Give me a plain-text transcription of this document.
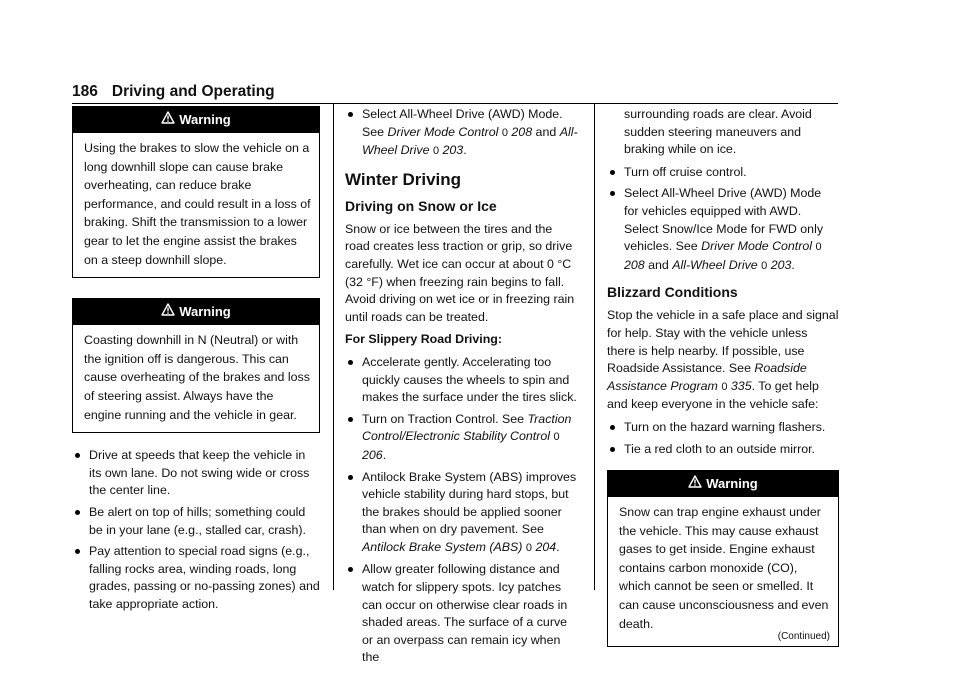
186 Driving and Operating
Warning
Using the brakes to slow the vehicle on a long downhill slope can cause brake overheating, can reduce brake performance, and could result in a loss of braking. Shift the transmission to a lower gear to let the engine assist the brakes on a steep downhill slope.
Warning
Coasting downhill in N (Neutral) or with the ignition off is dangerous. This can cause overheating of the brakes and loss of steering assist. Always have the engine running and the vehicle in gear.
Drive at speeds that keep the vehicle in its own lane. Do not swing wide or cross the center line.
Be alert on top of hills; something could be in your lane (e.g., stalled car, crash).
Pay attention to special road signs (e.g., falling rocks area, winding roads, long grades, passing or no-passing zones) and take appropriate action.
Select All-Wheel Drive (AWD) Mode. See Driver Mode Control 0 208 and All-Wheel Drive 0 203.
Winter Driving
Driving on Snow or Ice

Snow or ice between the tires and the road creates less traction or grip, so drive carefully. Wet ice can occur at about 0 °C (32 °F) when freezing rain begins to fall. Avoid driving on wet ice or in freezing rain until roads can be treated.

For Slippery Road Driving:
Accelerate gently. Accelerating too quickly causes the wheels to spin and makes the surface under the tires slick.
Turn on Traction Control. See Traction Control/Electronic Stability Control 0 206.
Antilock Brake System (ABS) improves vehicle stability during hard stops, but the brakes should be applied sooner than when on dry pavement. See Antilock Brake System (ABS) 0 204.
Allow greater following distance and watch for slippery spots. Icy patches can occur on otherwise clear roads in shaded areas. The surface of a curve or an overpass can remain icy when the

surrounding roads are clear. Avoid sudden steering maneuvers and braking while on ice.

Turn off cruise control.
Select All-Wheel Drive (AWD) Mode for vehicles equipped with AWD. Select Snow/Ice Mode for FWD only vehicles. See Driver Mode Control 0 208 and All-Wheel Drive 0 203.
Blizzard Conditions

Stop the vehicle in a safe place and signal for help. Stay with the vehicle unless there is help nearby. If possible, use Roadside Assistance. See Roadside Assistance Program 0 335. To get help and keep everyone in the vehicle safe:

Turn on the hazard warning flashers.
Tie a red cloth to an outside mirror.
Warning
Snow can trap engine exhaust under the vehicle. This may cause exhaust gases to get inside. Engine exhaust contains carbon monoxide (CO), which cannot be seen or smelled. It can cause unconsciousness and even death.
(Continued)
